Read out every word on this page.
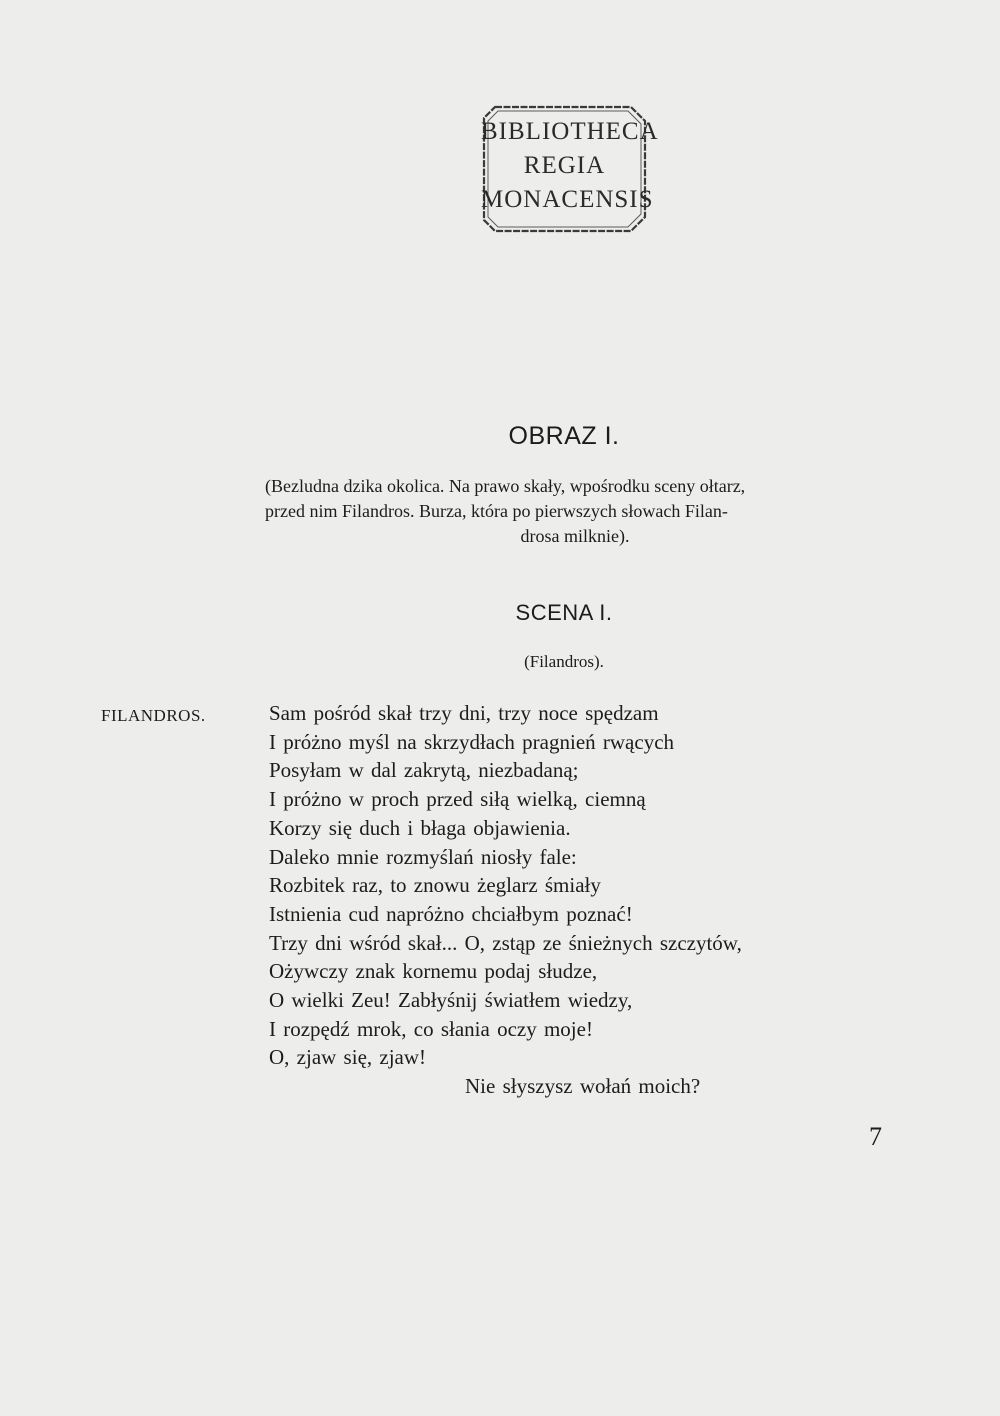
BIBLIOTHECA
REGIA
MONACENSIS
OBRAZ I.
(Bezludna dzika okolica. Na prawo skały, wpośrodku sceny ołtarz,
przed nim Filandros. Burza, która po pierwszych słowach Filan-
drosa milknie).
SCENA I.
(Filandros).
FILANDROS.	Sam pośród skał trzy dni, trzy noce spędzam
I próżno myśl na skrzydłach pragnień rwących
Posyłam w dal zakrytą, niezbadaną;
I próżno w proch przed siłą wielką, ciemną
Korzy się duch i błaga objawienia.
Daleko mnie rozmyślań niosły fale:
Rozbitek raz, to znowu żeglarz śmiały
Istnienia cud napróżno chciałbym poznać!
Trzy dni wśród skał... O, zstąp ze śnieżnych szczytów,
Ożywczy znak kornemu podaj słudze,
O wielki Zeu! Zabłyśnij światłem wiedzy,
I rozpędź mrok, co słania oczy moje!
O, zjaw się, zjaw!
Nie słyszysz wołań moich?
7
